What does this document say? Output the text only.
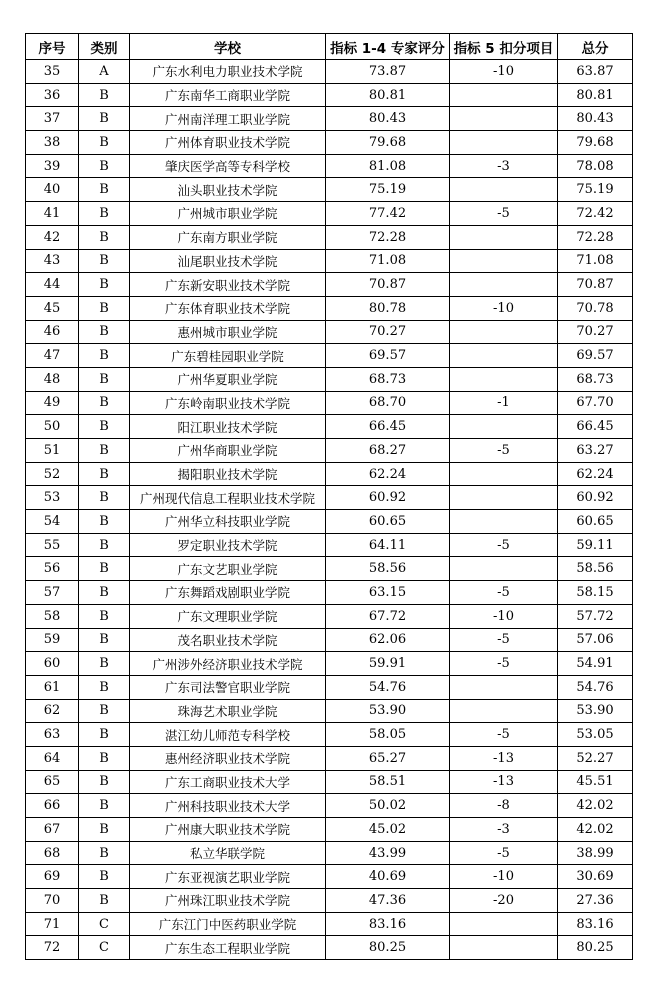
序号	类别	学校	指标 1-4 专家评分	指标 5 扣分项目	总分
35	A	广东水利电力职业技术学院	73.87	-10	63.87
36	B	广东南华工商职业学院	80.81		80.81
37	B	广州南洋理工职业学院	80.43		80.43
38	B	广州体育职业技术学院	79.68		79.68
39	B	肇庆医学高等专科学校	81.08	-3	78.08
40	B	汕头职业技术学院	75.19		75.19
41	B	广州城市职业学院	77.42	-5	72.42
42	B	广东南方职业学院	72.28		72.28
43	B	汕尾职业技术学院	71.08		71.08
44	B	广东新安职业技术学院	70.87		70.87
45	B	广东体育职业技术学院	80.78	-10	70.78
46	B	惠州城市职业学院	70.27		70.27
47	B	广东碧桂园职业学院	69.57		69.57
48	B	广州华夏职业学院	68.73		68.73
49	B	广东岭南职业技术学院	68.70	-1	67.70
50	B	阳江职业技术学院	66.45		66.45
51	B	广州华商职业学院	68.27	-5	63.27
52	B	揭阳职业技术学院	62.24		62.24
53	B	广州现代信息工程职业技术学院	60.92		60.92
54	B	广州华立科技职业学院	60.65		60.65
55	B	罗定职业技术学院	64.11	-5	59.11
56	B	广东文艺职业学院	58.56		58.56
57	B	广东舞蹈戏剧职业学院	63.15	-5	58.15
58	B	广东文理职业学院	67.72	-10	57.72
59	B	茂名职业技术学院	62.06	-5	57.06
60	B	广州涉外经济职业技术学院	59.91	-5	54.91
61	B	广东司法警官职业学院	54.76		54.76
62	B	珠海艺术职业学院	53.90		53.90
63	B	湛江幼儿师范专科学校	58.05	-5	53.05
64	B	惠州经济职业技术学院	65.27	-13	52.27
65	B	广东工商职业技术大学	58.51	-13	45.51
66	B	广州科技职业技术大学	50.02	-8	42.02
67	B	广州康大职业技术学院	45.02	-3	42.02
68	B	私立华联学院	43.99	-5	38.99
69	B	广东亚视演艺职业学院	40.69	-10	30.69
70	B	广州珠江职业技术学院	47.36	-20	27.36
71	C	广东江门中医药职业学院	83.16		83.16
72	C	广东生态工程职业学院	80.25		80.25
